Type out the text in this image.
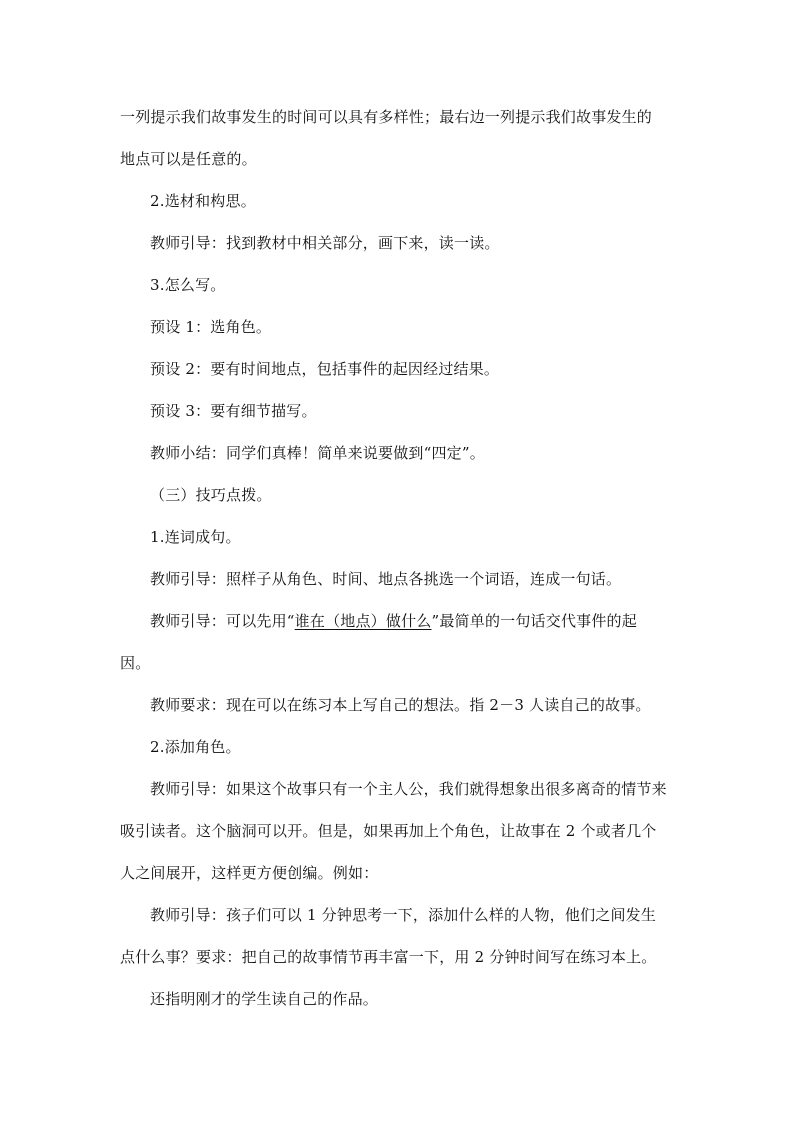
一列提示我们故事发生的时间可以具有多样性；最右边一列提示我们故事发生的
地点可以是任意的。
2.选材和构思。
教师引导：找到教材中相关部分，画下来，读一读。
3.怎么写。
预设 1：选角色。
预设 2：要有时间地点，包括事件的起因经过结果。
预设 3：要有细节描写。
教师小结：同学们真棒！简单来说要做到“四定”。
（三）技巧点拨。
1.连词成句。
教师引导：照样子从角色、时间、地点各挑选一个词语，连成一句话。
教师引导：可以先用“谁在（地点）做什么”最简单的一句话交代事件的起
因。
教师要求：现在可以在练习本上写自己的想法。指 2－3 人读自己的故事。
2.添加角色。
教师引导：如果这个故事只有一个主人公，我们就得想象出很多离奇的情节来
吸引读者。这个脑洞可以开。但是，如果再加上个角色，让故事在 2 个或者几个
人之间展开，这样更方便创编。例如：
教师引导：孩子们可以 1 分钟思考一下，添加什么样的人物，他们之间发生
点什么事？要求：把自己的故事情节再丰富一下，用 2 分钟时间写在练习本上。
还指明刚才的学生读自己的作品。
